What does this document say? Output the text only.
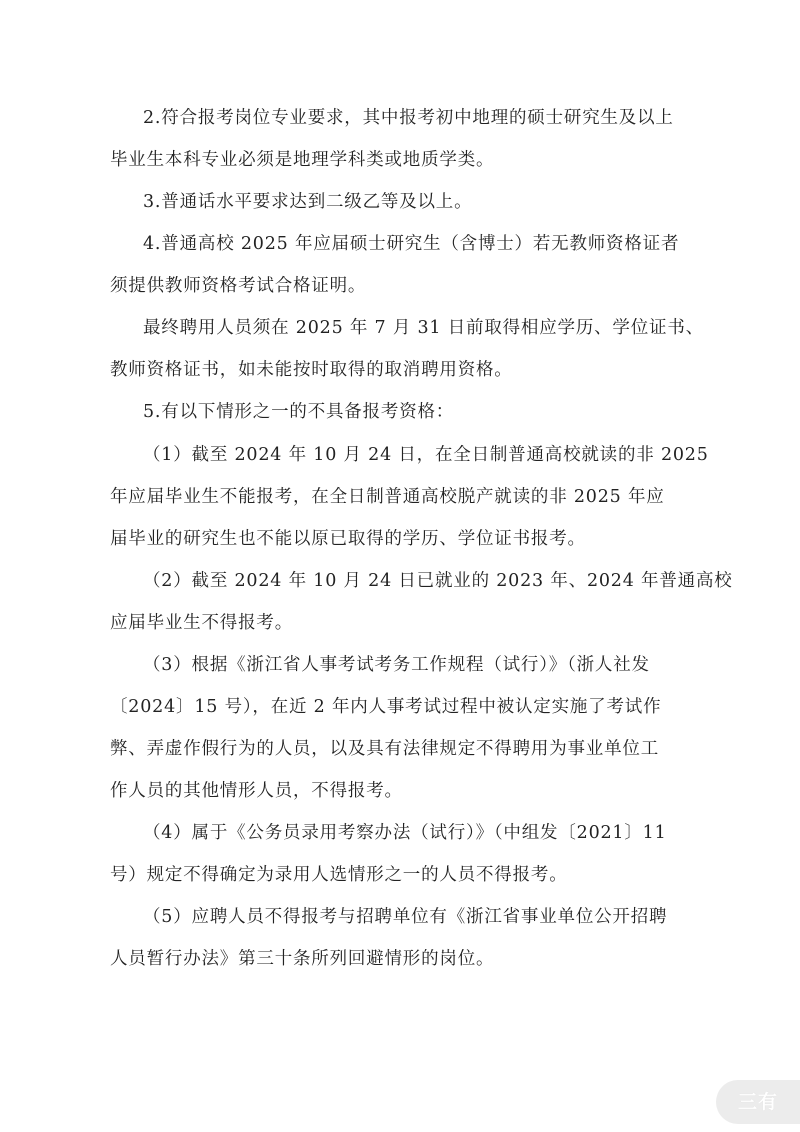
2.符合报考岗位专业要求，其中报考初中地理的硕士研究生及以上
毕业生本科专业必须是地理学科类或地质学类。
3.普通话水平要求达到二级乙等及以上。
4.普通高校 2025 年应届硕士研究生（含博士）若无教师资格证者
须提供教师资格考试合格证明。
最终聘用人员须在 2025 年 7 月 31 日前取得相应学历、学位证书、
教师资格证书，如未能按时取得的取消聘用资格。
5.有以下情形之一的不具备报考资格：
（1）截至 2024 年 10 月 24 日，在全日制普通高校就读的非 2025
年应届毕业生不能报考，在全日制普通高校脱产就读的非 2025 年应
届毕业的研究生也不能以原已取得的学历、学位证书报考。
（2）截至 2024 年 10 月 24 日已就业的 2023 年、2024 年普通高校
应届毕业生不得报考。
（3）根据《浙江省人事考试考务工作规程（试行）》（浙人社发
〔2024〕15 号），在近 2 年内人事考试过程中被认定实施了考试作
弊、弄虚作假行为的人员，以及具有法律规定不得聘用为事业单位工
作人员的其他情形人员，不得报考。
（4）属于《公务员录用考察办法（试行）》（中组发〔2021〕11
号）规定不得确定为录用人选情形之一的人员不得报考。
（5）应聘人员不得报考与招聘单位有《浙江省事业单位公开招聘
人员暂行办法》第三十条所列回避情形的岗位。
三有
